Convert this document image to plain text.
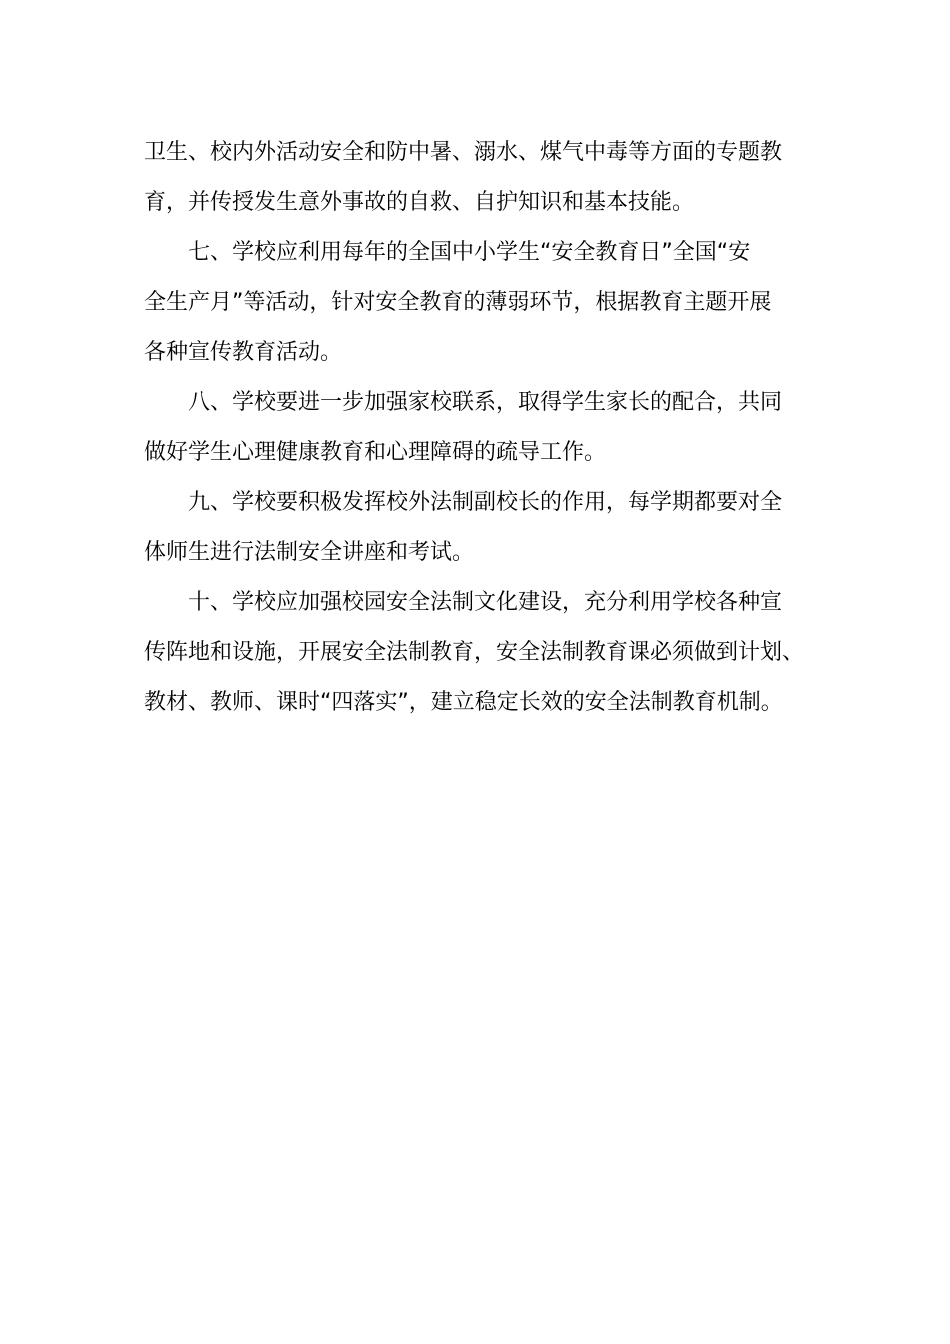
卫生、校内外活动安全和防中暑、溺水、煤气中毒等方面的专题教
育，并传授发生意外事故的自救、自护知识和基本技能。
七、学校应利用每年的全国中小学生“安全教育日”全国“安
全生产月”等活动，针对安全教育的薄弱环节，根据教育主题开展
各种宣传教育活动。
八、学校要进一步加强家校联系，取得学生家长的配合，共同
做好学生心理健康教育和心理障碍的疏导工作。
九、学校要积极发挥校外法制副校长的作用，每学期都要对全
体师生进行法制安全讲座和考试。
十、学校应加强校园安全法制文化建设，充分利用学校各种宣
传阵地和设施，开展安全法制教育，安全法制教育课必须做到计划、
教材、教师、课时“四落实”，建立稳定长效的安全法制教育机制。
